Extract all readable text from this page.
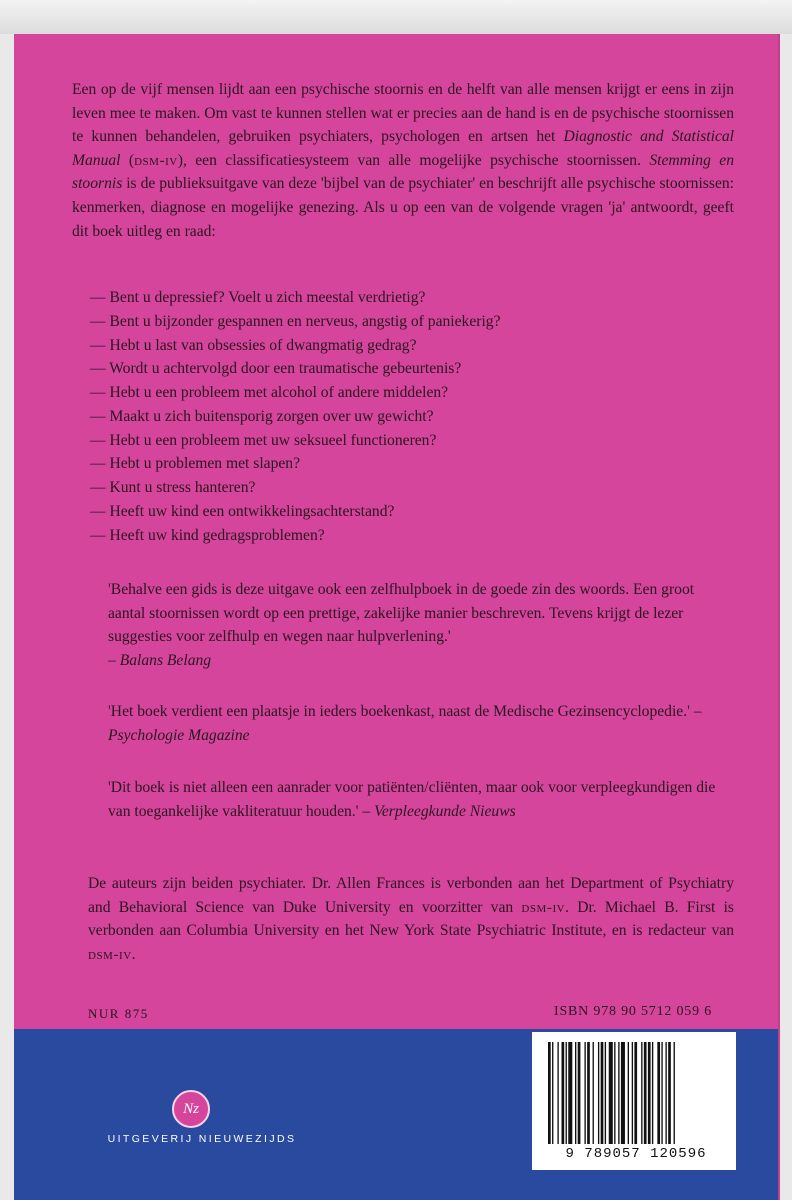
Een op de vijf mensen lijdt aan een psychische stoornis en de helft van alle mensen krijgt er eens in zijn leven mee te maken. Om vast te kunnen stellen wat er precies aan de hand is en de psychische stoornissen te kunnen behandelen, gebruiken psychiaters, psychologen en artsen het Diagnostic and Statistical Manual (dsm-iv), een classificatiesysteem van alle mogelijke psychische stoornissen. Stemming en stoornis is de publieksuitgave van deze 'bijbel van de psychiater' en beschrijft alle psychische stoornissen: kenmerken, diagnose en mogelijke genezing. Als u op een van de volgende vragen 'ja' antwoordt, geeft dit boek uitleg en raad:

— Bent u depressief? Voelt u zich meestal verdrietig?
— Bent u bijzonder gespannen en nerveus, angstig of paniekerig?
— Hebt u last van obsessies of dwangmatig gedrag?
— Wordt u achtervolgd door een traumatische gebeurtenis?
— Hebt u een probleem met alcohol of andere middelen?
— Maakt u zich buitensporig zorgen over uw gewicht?
— Hebt u een probleem met uw seksueel functioneren?
— Hebt u problemen met slapen?
— Kunt u stress hanteren?
— Heeft uw kind een ontwikkelingsachterstand?
— Heeft uw kind gedragsproblemen?

'Behalve een gids is deze uitgave ook een zelfhulpboek in de goede zin des woords. Een groot aantal stoornissen wordt op een prettige, zakelijke manier beschreven. Tevens krijgt de lezer suggesties voor zelfhulp en wegen naar hulpverlening.'
– Balans Belang

'Het boek verdient een plaatsje in ieders boekenkast, naast de Medische Gezinsencyclopedie.' – Psychologie Magazine

'Dit boek is niet alleen een aanrader voor patiënten/cliënten, maar ook voor verpleegkundigen die van toegankelijke vakliteratuur houden.' – Verpleegkunde Nieuws

De auteurs zijn beiden psychiater. Dr. Allen Frances is verbonden aan het Department of Psychiatry and Behavioral Science van Duke University en voorzitter van dsm-iv. Dr. Michael B. First is verbonden aan Columbia University en het New York State Psychiatric Institute, en is redacteur van dsm-iv.

NUR 875	ISBN 978 90 5712 059 6
Nz
UITGEVERIJ NIEUWEZIJDS
9 789057 120596
